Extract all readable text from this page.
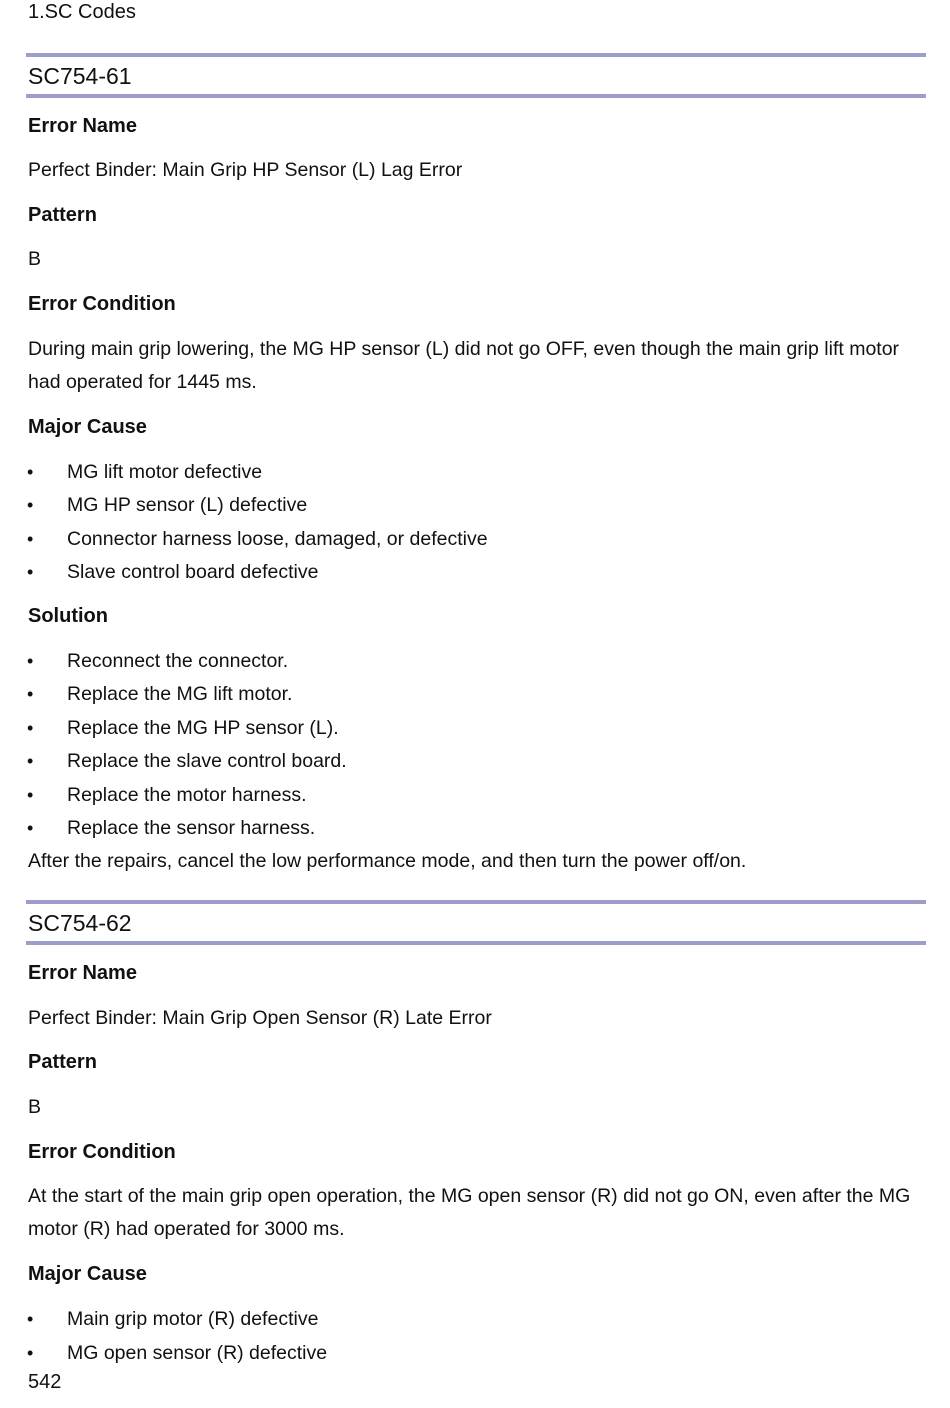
1.SC Codes
SC754-61
Error Name
Perfect Binder: Main Grip HP Sensor (L) Lag Error
Pattern
B
Error Condition
During main grip lowering, the MG HP sensor (L) did not go OFF, even though the main grip lift motor
had operated for 1445 ms.
Major Cause
• MG lift motor defective
• MG HP sensor (L) defective
• Connector harness loose, damaged, or defective
• Slave control board defective
Solution
• Reconnect the connector.
• Replace the MG lift motor.
• Replace the MG HP sensor (L).
• Replace the slave control board.
• Replace the motor harness.
• Replace the sensor harness.
After the repairs, cancel the low performance mode, and then turn the power off/on.
SC754-62
Error Name
Perfect Binder: Main Grip Open Sensor (R) Late Error
Pattern
B
Error Condition
At the start of the main grip open operation, the MG open sensor (R) did not go ON, even after the MG
motor (R) had operated for 3000 ms.
Major Cause
• Main grip motor (R) defective
• MG open sensor (R) defective
542
